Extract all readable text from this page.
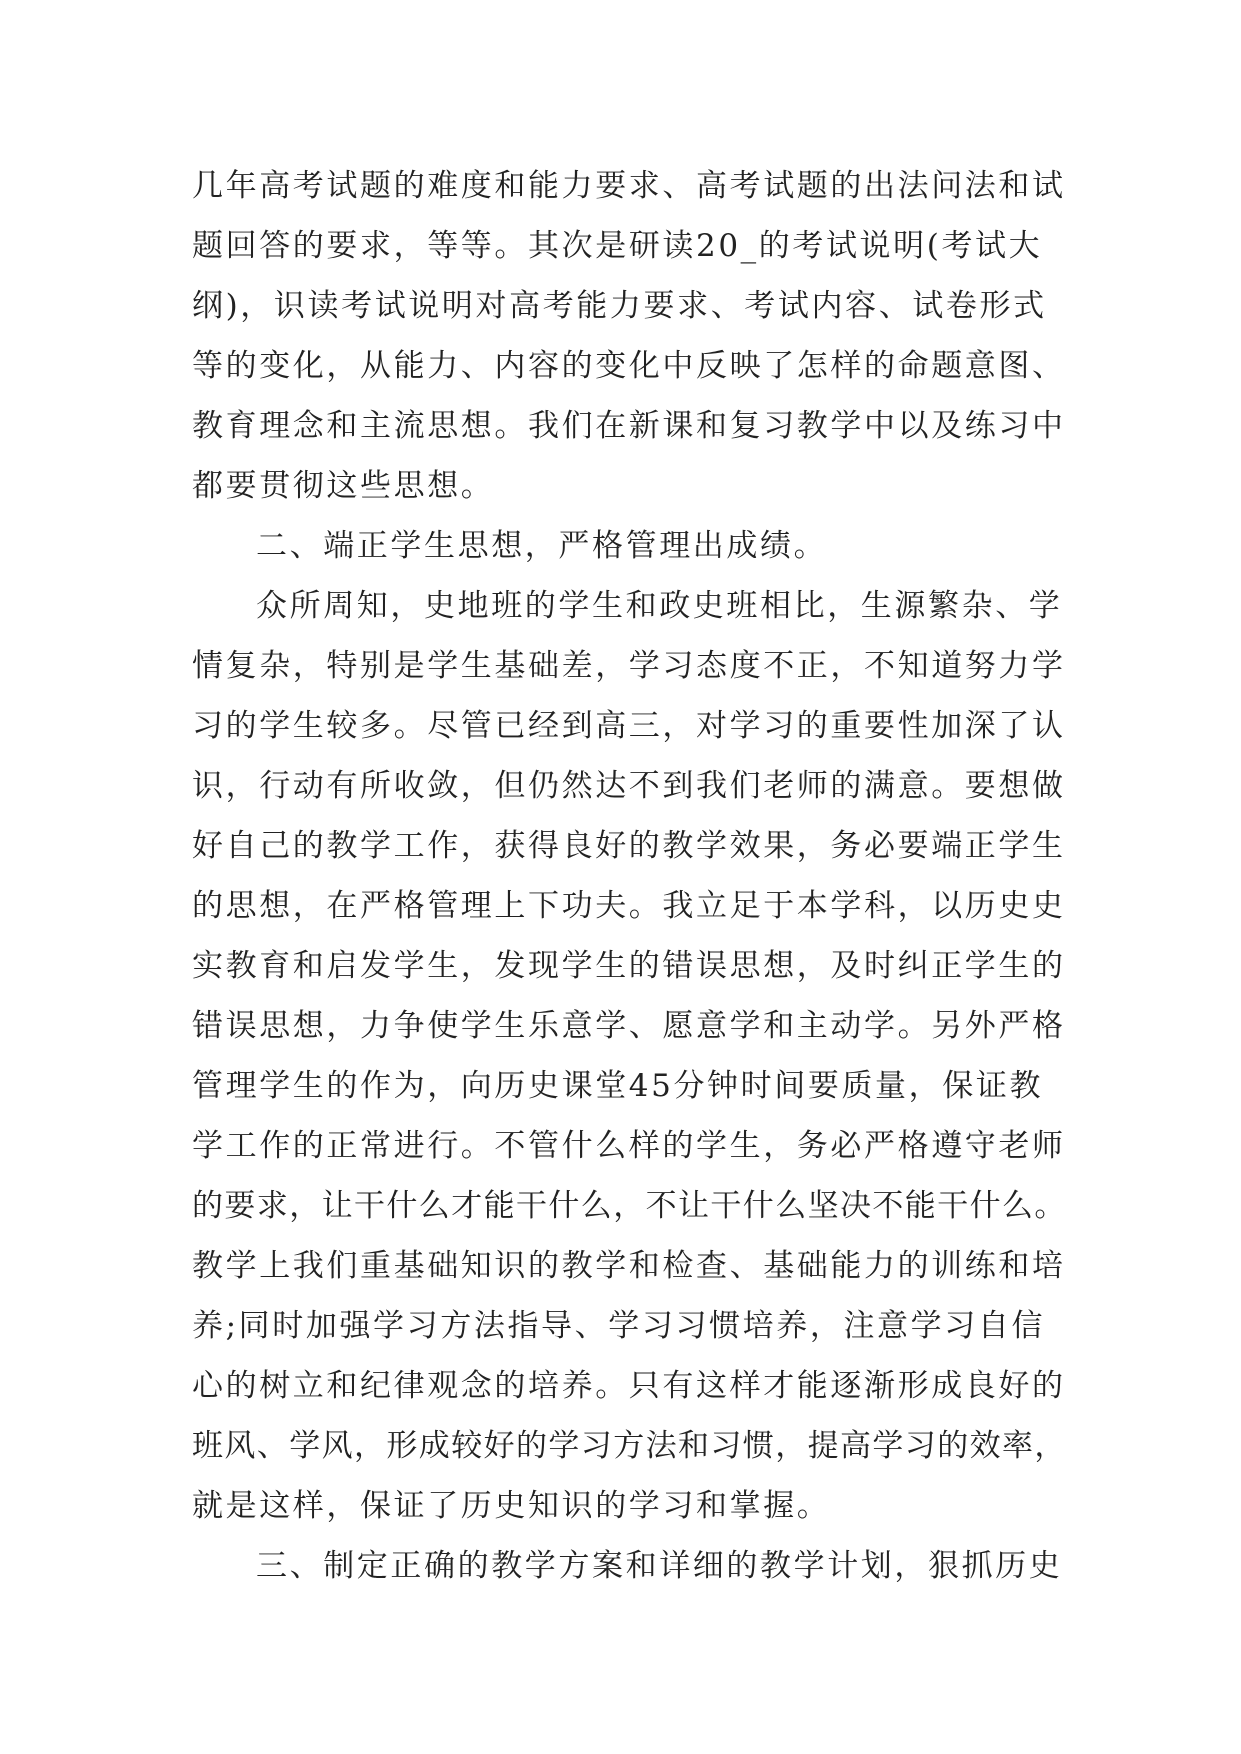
几年高考试题的难度和能力要求、高考试题的出法问法和试
题回答的要求，等等。其次是研读20_的考试说明(考试大
纲)，识读考试说明对高考能力要求、考试内容、试卷形式
等的变化，从能力、内容的变化中反映了怎样的命题意图、
教育理念和主流思想。我们在新课和复习教学中以及练习中
都要贯彻这些思想。
二、端正学生思想，严格管理出成绩。
众所周知，史地班的学生和政史班相比，生源繁杂、学
情复杂，特别是学生基础差，学习态度不正，不知道努力学
习的学生较多。尽管已经到高三，对学习的重要性加深了认
识，行动有所收敛，但仍然达不到我们老师的满意。要想做
好自己的教学工作，获得良好的教学效果，务必要端正学生
的思想，在严格管理上下功夫。我立足于本学科，以历史史
实教育和启发学生，发现学生的错误思想，及时纠正学生的
错误思想，力争使学生乐意学、愿意学和主动学。另外严格
管理学生的作为，向历史课堂45分钟时间要质量，保证教
学工作的正常进行。不管什么样的学生，务必严格遵守老师
的要求，让干什么才能干什么，不让干什么坚决不能干什么。
教学上我们重基础知识的教学和检查、基础能力的训练和培
养;同时加强学习方法指导、学习习惯培养，注意学习自信
心的树立和纪律观念的培养。只有这样才能逐渐形成良好的
班风、学风，形成较好的学习方法和习惯，提高学习的效率，
就是这样，保证了历史知识的学习和掌握。
三、制定正确的教学方案和详细的教学计划，狠抓历史
